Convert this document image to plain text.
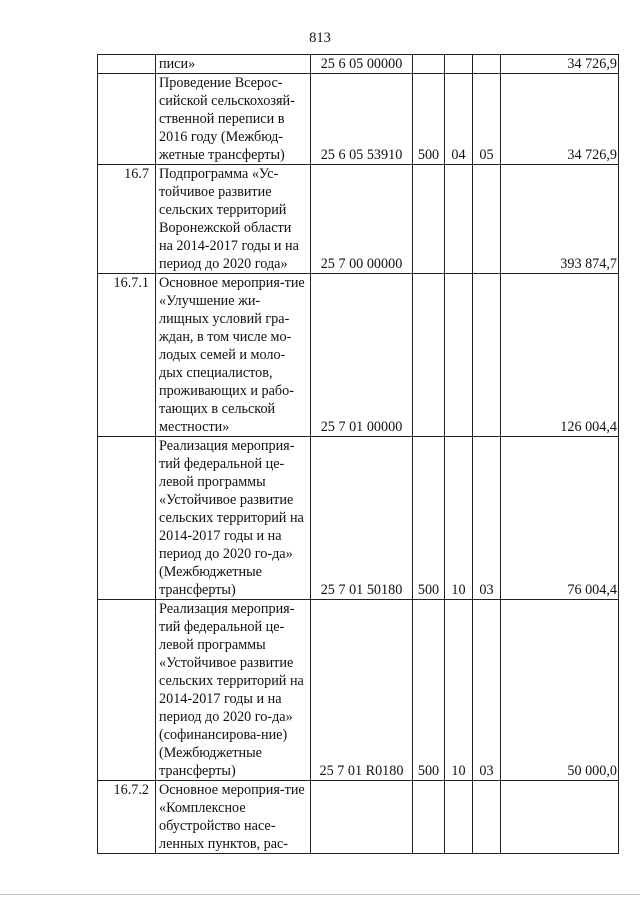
813
	писи»	25 6 05 00000				34 726,9
	Проведение Всерос-сийской сельскохозяй-ственной переписи в 2016 году (Межбюд-жетные трансферты)	25 6 05 53910	500	04	05	34 726,9
16.7	Подпрограмма «Ус-тойчивое развитие сельских территорий Воронежской области на 2014-2017 годы и на период до 2020 года»	25 7 00 00000				393 874,7
16.7.1	Основное мероприя-тие «Улучшение жи-лищных условий гра-ждан, в том числе мо-лодых семей и моло-дых специалистов, проживающих и рабо-тающих в сельской местности»	25 7 01 00000				126 004,4
	Реализация мероприя-тий федеральной це-левой программы «Устойчивое развитие сельских территорий на 2014-2017 годы и на период до 2020 го-да» (Межбюджетные трансферты)	25 7 01 50180	500	10	03	76 004,4
	Реализация мероприя-тий федеральной це-левой программы «Устойчивое развитие сельских территорий на 2014-2017 годы и на период до 2020 го-да» (софинансирова-ние) (Межбюджетные трансферты)	25 7 01 R0180	500	10	03	50 000,0
16.7.2	Основное мероприя-тие «Комплексное обустройство насе-ленных пунктов, рас-					
